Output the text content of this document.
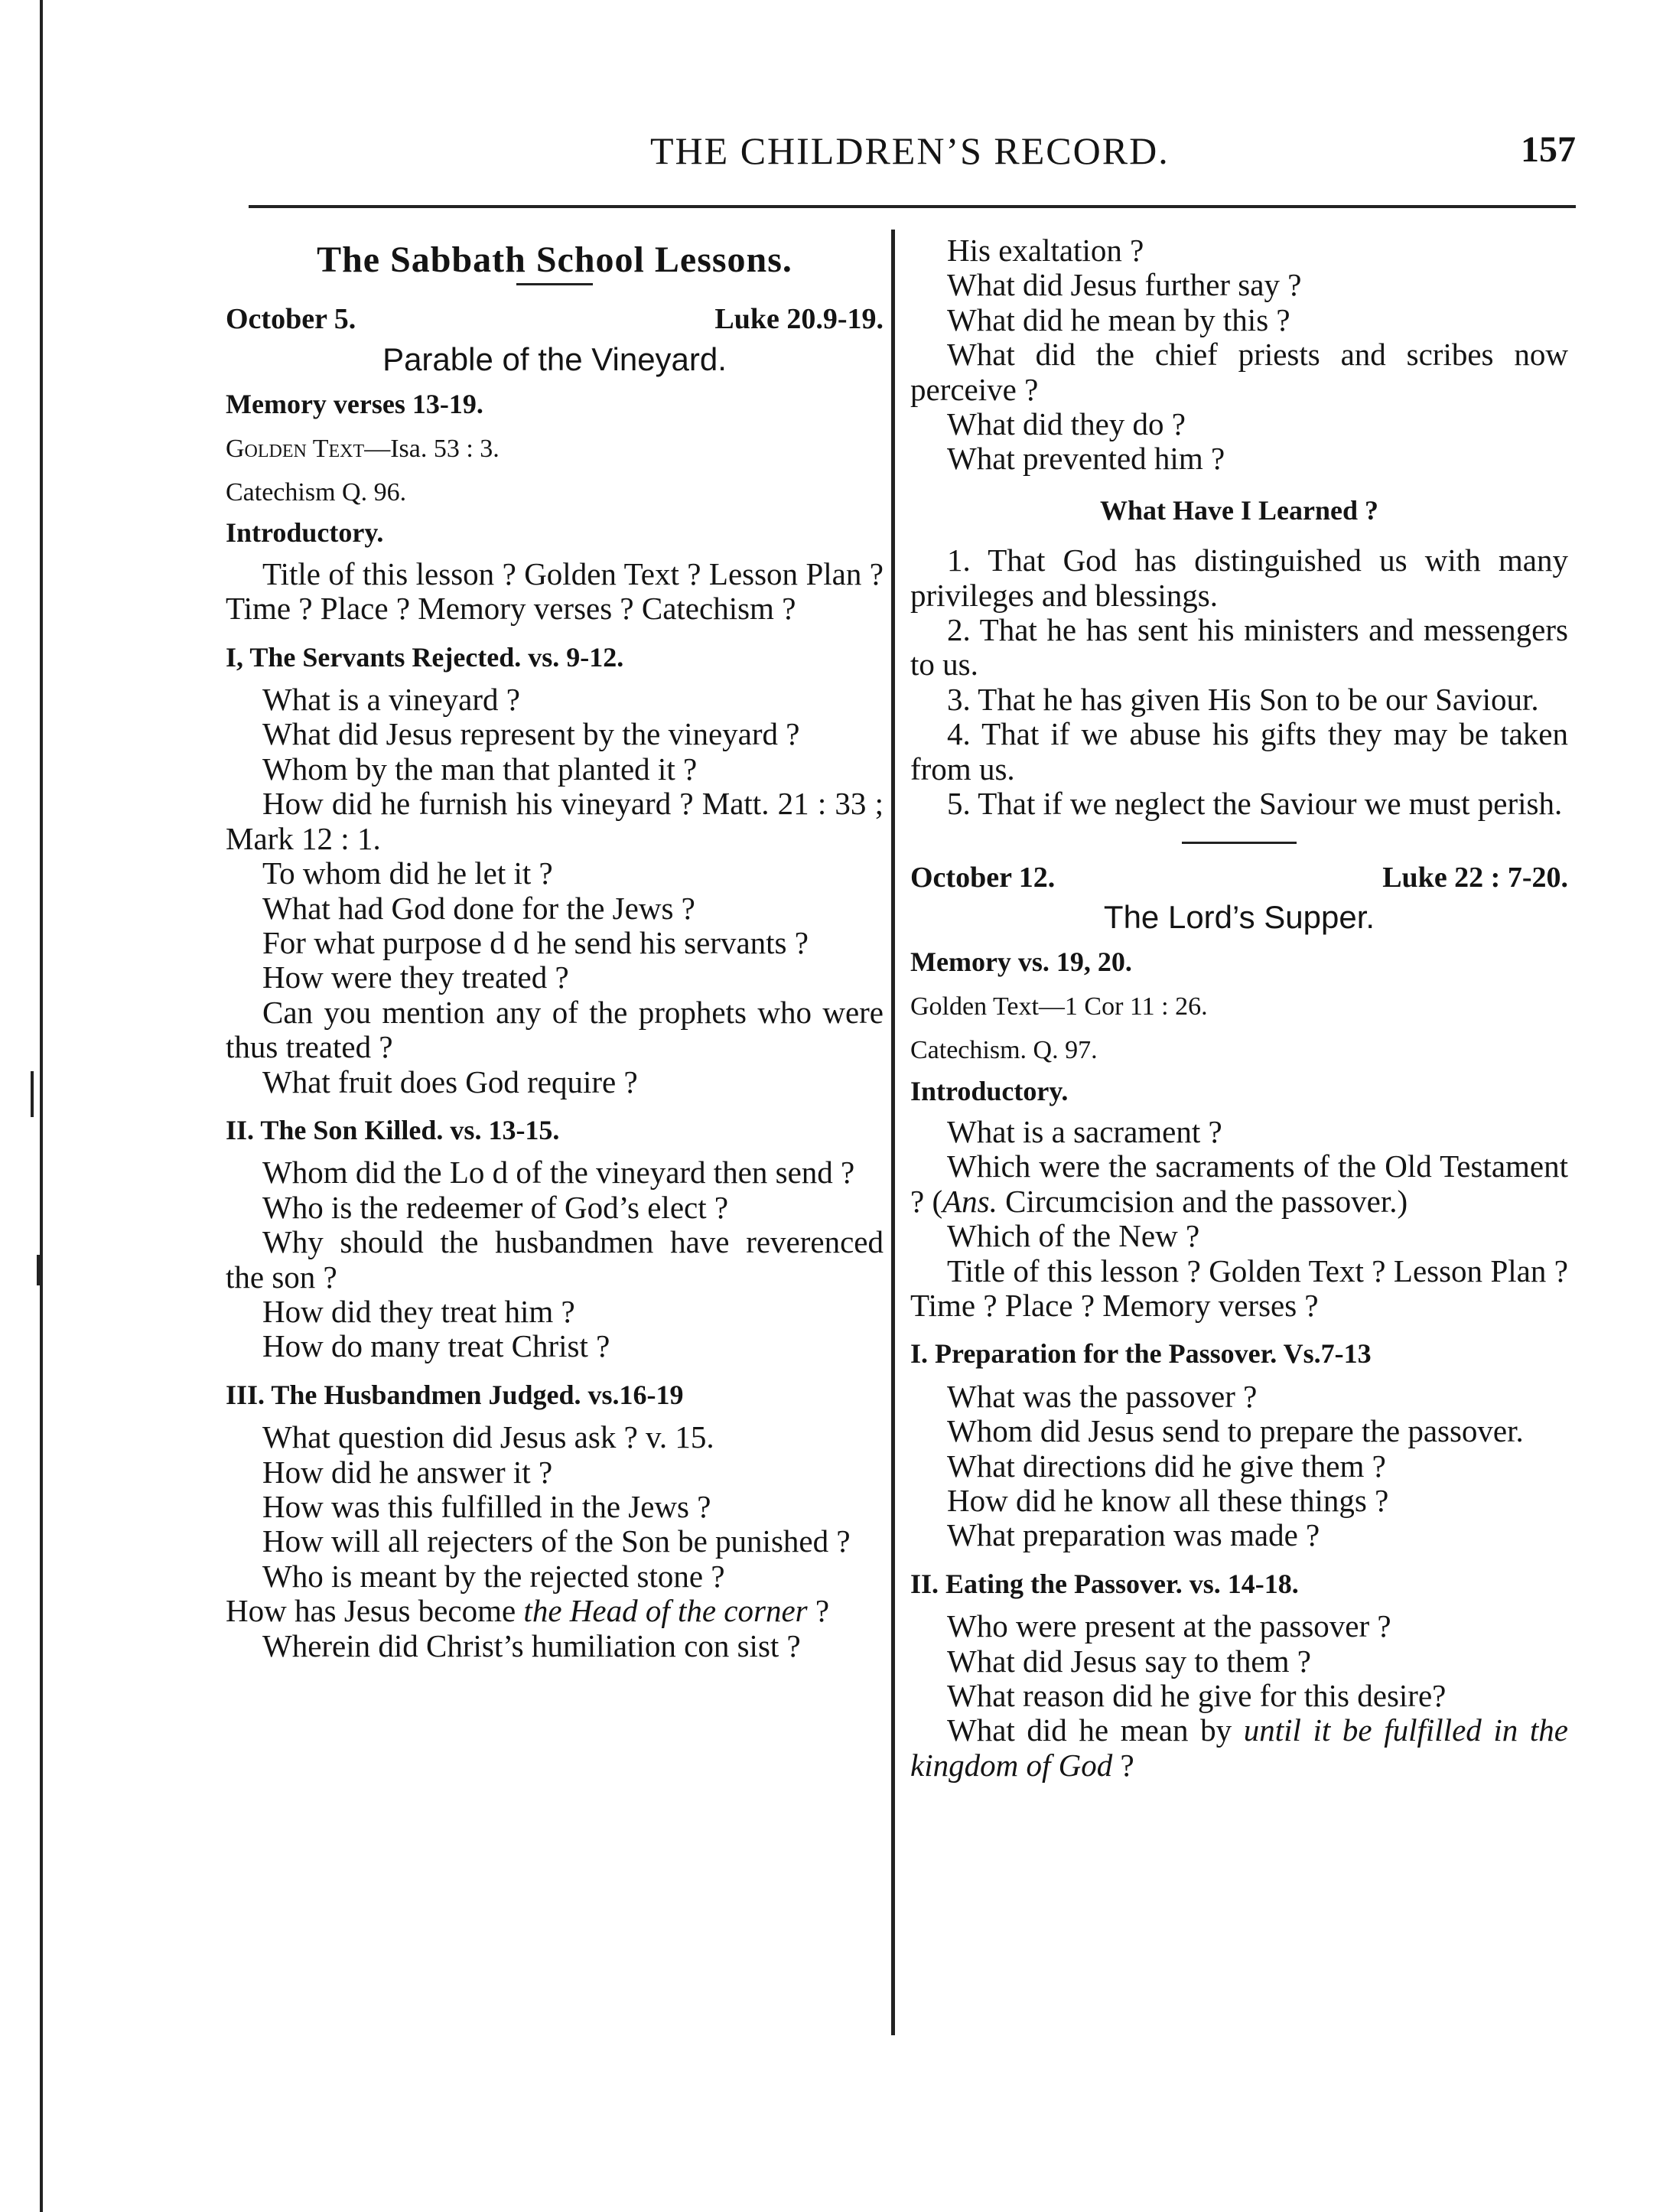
THE CHILDREN’S RECORD.	157
The Sabbath School Lessons.
October 5.	Luke 20.9-19.
Parable of the Vineyard.
Memory verses 13-19.
Golden Text—Isa. 53 : 3.
Catechism Q. 96.
Introductory.

Title of this lesson ? Golden Text ? Lesson Plan ? Time ? Place ? Memory verses ? Catechism ?

I, The Servants Rejected. vs. 9-12.

What is a vineyard ?

What did Jesus represent by the vineyard ?

Whom by the man that planted it ?

How did he furnish his vineyard ? Matt. 21 : 33 ; Mark 12 : 1.

To whom did he let it ?

What had God done for the Jews ?

For what purpose d d he send his servants ?

How were they treated ?

Can you mention any of the prophets who were thus treated ?

What fruit does God require ?

II. The Son Killed. vs. 13-15.

Whom did the Lo d of the vineyard then send ?

Who is the redeemer of God’s elect ?

Why should the husbandmen have reverenced the son ?

How did they treat him ?

How do many treat Christ ?

III. The Husbandmen Judged. vs.16-19

What question did Jesus ask ? v. 15.

How did he answer it ?

How was this fulfilled in the Jews ?

How will all rejecters of the Son be punished ?

Who is meant by the rejected stone ?

How has Jesus become the Head of the corner ?

Wherein did Christ’s humiliation con sist ?

His exaltation ?

What did Jesus further say ?

What did he mean by this ?

What did the chief priests and scribes now perceive ?

What did they do ?

What prevented him ?

What Have I Learned ?

1. That God has distinguished us with many privileges and blessings.

2. That he has sent his ministers and messengers to us.

3. That he has given His Son to be our Saviour.

4. That if we abuse his gifts they may be taken from us.

5. That if we neglect the Saviour we must perish.

October 12.	Luke 22 : 7-20.
The Lord’s Supper.
Memory vs. 19, 20.
Golden Text—1 Cor 11 : 26.
Catechism. Q. 97.
Introductory.

What is a sacrament ?

Which were the sacraments of the Old Testament ? (Ans. Circumcision and the passover.)

Which of the New ?

Title of this lesson ? Golden Text ? Lesson Plan ? Time ? Place ? Memory verses ?

I. Preparation for the Passover. Vs.7-13

What was the passover ?

Whom did Jesus send to prepare the passover.

What directions did he give them ?

How did he know all these things ?

What preparation was made ?

II. Eating the Passover. vs. 14-18.

Who were present at the passover ?

What did Jesus say to them ?

What reason did he give for this desire?

What did he mean by until it be fulfilled in the kingdom of God ?
